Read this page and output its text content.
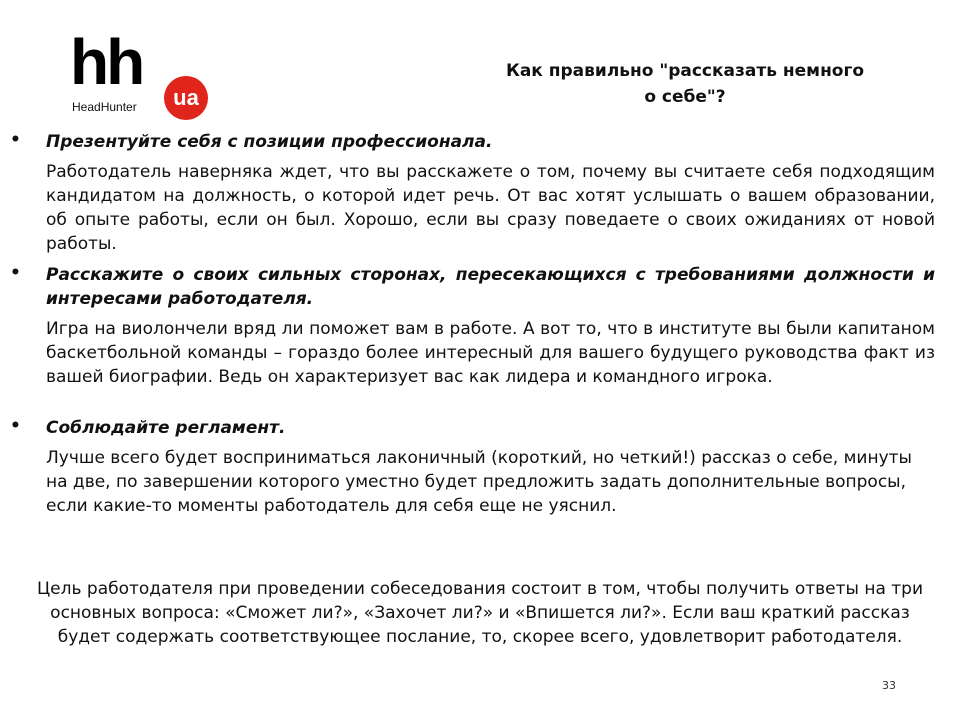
hh	ua
HeadHunter
Как правильно "рассказать немного о себе"?
• Презентуйте себя с позиции профессионала.
Работодатель наверняка ждет, что вы расскажете о том, почему вы считаете себя подходящим кандидатом на должность, о которой идет речь. От вас хотят услышать о вашем образовании, об опыте работы, если он был. Хорошо, если вы сразу поведаете о своих ожиданиях от новой работы.
• Расскажите о своих сильных сторонах, пересекающихся с требованиями должности и интересами работодателя.
Игра на виолончели вряд ли поможет вам в работе. А вот то, что в институте вы были капитаном баскетбольной команды – гораздо более интересный для вашего будущего руководства факт из вашей биографии. Ведь он характеризует вас как лидера и командного игрока.
• Соблюдайте регламент.
Лучше всего будет восприниматься лаконичный (короткий, но четкий!) рассказ о себе, минуты на две, по завершении которого уместно будет предложить задать дополнительные вопросы, если какие-то моменты работодатель для себя еще не уяснил.
Цель работодателя при проведении собеседования состоит в том, чтобы получить ответы на три основных вопроса: «Сможет ли?», «Захочет ли?» и «Впишется ли?». Если ваш краткий рассказ будет содержать соответствующее послание, то, скорее всего, удовлетворит работодателя.
33
